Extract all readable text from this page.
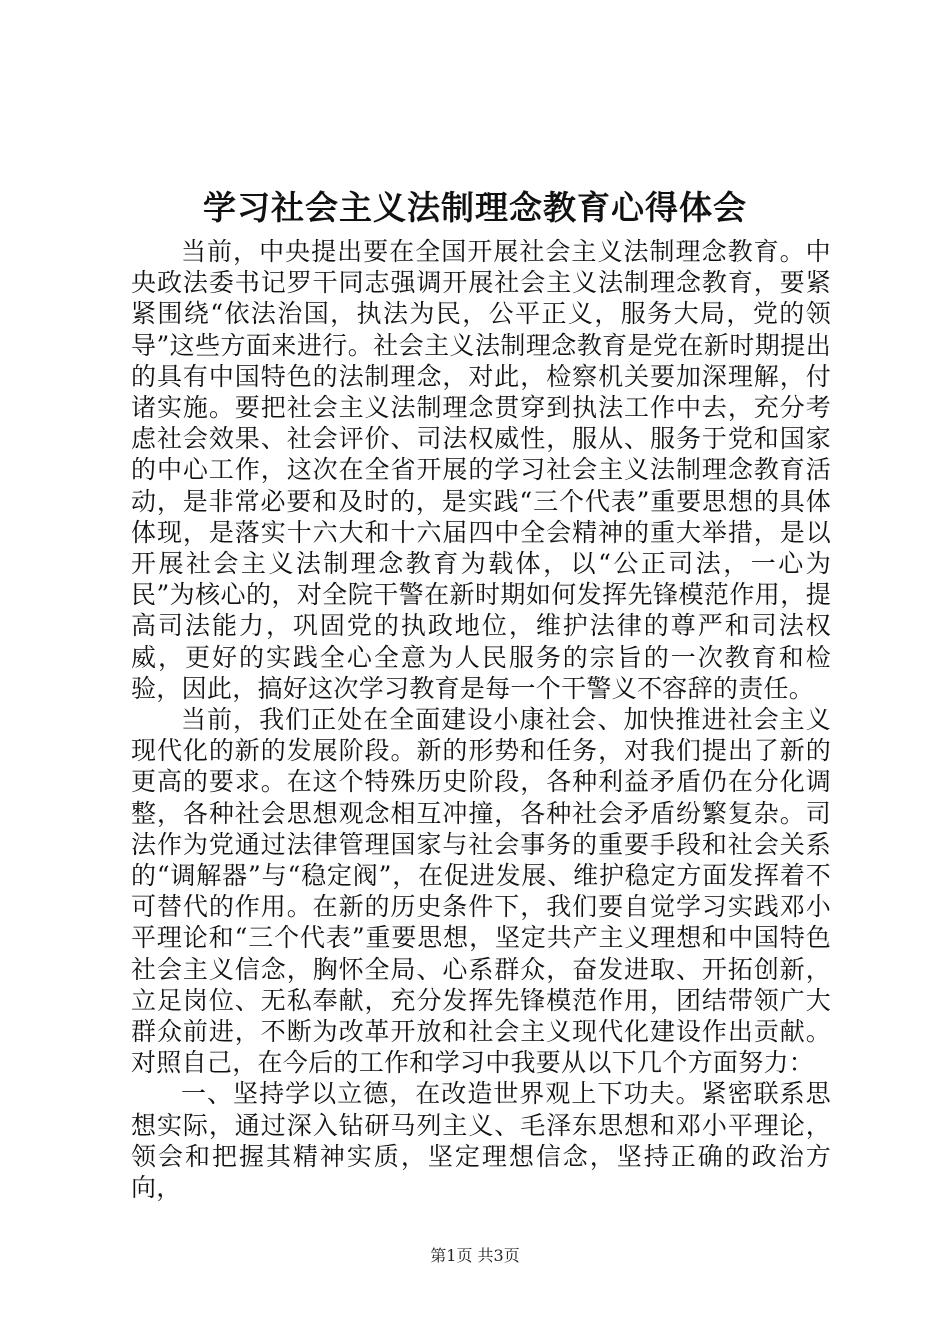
学习社会主义法制理念教育心得体会

当前，中央提出要在全国开展社会主义法制理念教育。中央政法委书记罗干同志强调开展社会主义法制理念教育，要紧紧围绕“依法治国，执法为民，公平正义，服务大局，党的领导”这些方面来进行。社会主义法制理念教育是党在新时期提出的具有中国特色的法制理念，对此，检察机关要加深理解，付诸实施。要把社会主义法制理念贯穿到执法工作中去，充分考虑社会效果、社会评价、司法权威性，服从、服务于党和国家的中心工作，这次在全省开展的学习社会主义法制理念教育活动，是非常必要和及时的，是实践“三个代表”重要思想的具体体现，是落实十六大和十六届四中全会精神的重大举措，是以开展社会主义法制理念教育为载体，以“公正司法，一心为民”为核心的，对全院干警在新时期如何发挥先锋模范作用，提高司法能力，巩固党的执政地位，维护法律的尊严和司法权威，更好的实践全心全意为人民服务的宗旨的一次教育和检验，因此，搞好这次学习教育是每一个干警义不容辞的责任。

当前，我们正处在全面建设小康社会、加快推进社会主义现代化的新的发展阶段。新的形势和任务，对我们提出了新的更高的要求。在这个特殊历史阶段，各种利益矛盾仍在分化调整，各种社会思想观念相互冲撞，各种社会矛盾纷繁复杂。司法作为党通过法律管理国家与社会事务的重要手段和社会关系的“调解器”与“稳定阀”，在促进发展、维护稳定方面发挥着不可替代的作用。在新的历史条件下，我们要自觉学习实践邓小平理论和“三个代表”重要思想，坚定共产主义理想和中国特色社会主义信念，胸怀全局、心系群众，奋发进取、开拓创新，立足岗位、无私奉献，充分发挥先锋模范作用，团结带领广大群众前进，不断为改革开放和社会主义现代化建设作出贡献。对照自己，在今后的工作和学习中我要从以下几个方面努力：

一、坚持学以立德，在改造世界观上下功夫。紧密联系思想实际，通过深入钻研马列主义、毛泽东思想和邓小平理论，领会和把握其精神实质，坚定理想信念，坚持正确的政治方向，

第1页 共3页
